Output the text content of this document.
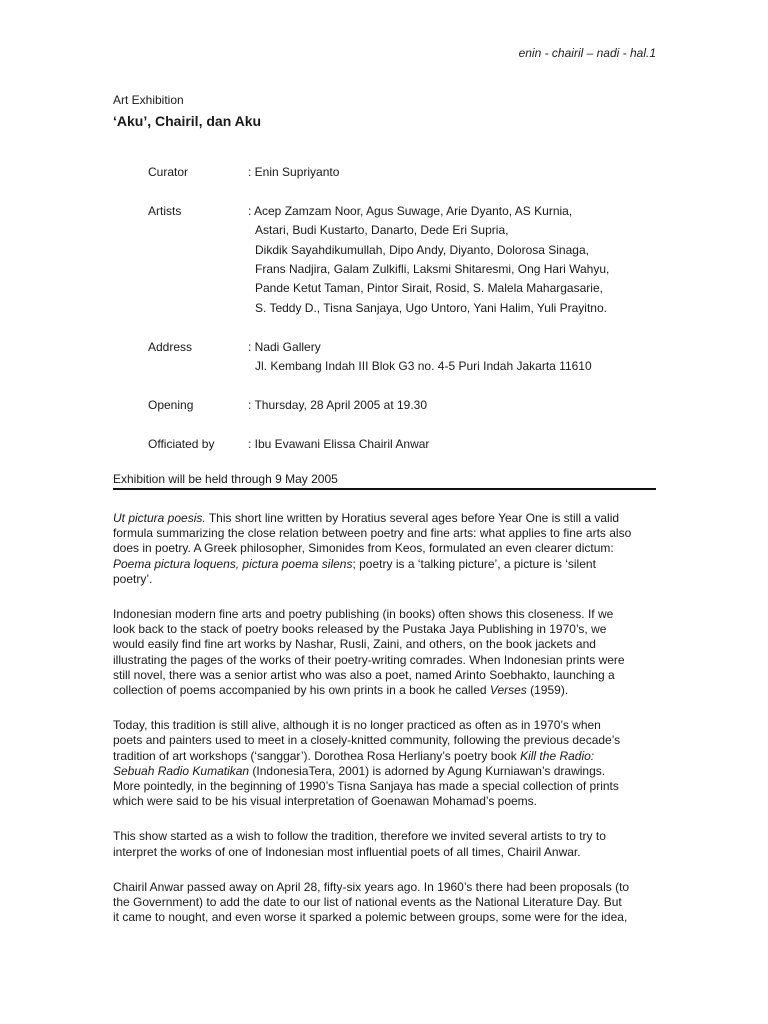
enin - chairil – nadi - hal.1
Art Exhibition
‘Aku’, Chairil, dan Aku
Curator	: Enin Supriyanto
Artists	: Acep Zamzam Noor, Agus Suwage, Arie Dyanto, AS Kurnia,
Astari, Budi Kustarto, Danarto, Dede Eri Supria,
Dikdik Sayahdikumullah, Dipo Andy, Diyanto, Dolorosa Sinaga,
Frans Nadjira, Galam Zulkifli, Laksmi Shitaresmi, Ong Hari Wahyu,
Pande Ketut Taman, Pintor Sirait, Rosid, S. Malela Mahargasarie,
S. Teddy D., Tisna Sanjaya, Ugo Untoro, Yani Halim, Yuli Prayitno.
Address	: Nadi Gallery
Jl. Kembang Indah III Blok G3 no. 4-5 Puri Indah Jakarta 11610
Opening	: Thursday, 28 April 2005 at 19.30
Officiated by	: Ibu Evawani Elissa Chairil Anwar
Exhibition will be held through 9 May 2005

Ut pictura poesis. This short line written by Horatius several ages before Year One is still a valid
formula summarizing the close relation between poetry and fine arts: what applies to fine arts also
does in poetry. A Greek philosopher, Simonides from Keos, formulated an even clearer dictum:
Poema pictura loquens, pictura poema silens; poetry is a ‘talking picture’, a picture is ‘silent
poetry’.

Indonesian modern fine arts and poetry publishing (in books) often shows this closeness. If we
look back to the stack of poetry books released by the Pustaka Jaya Publishing in 1970’s, we
would easily find fine art works by Nashar, Rusli, Zaini, and others, on the book jackets and
illustrating the pages of the works of their poetry-writing comrades. When Indonesian prints were
still novel, there was a senior artist who was also a poet, named Arinto Soebhakto, launching a
collection of poems accompanied by his own prints in a book he called Verses (1959).

Today, this tradition is still alive, although it is no longer practiced as often as in 1970’s when
poets and painters used to meet in a closely-knitted community, following the previous decade’s
tradition of art workshops (‘sanggar’). Dorothea Rosa Herliany’s poetry book Kill the Radio:
Sebuah Radio Kumatikan (IndonesiaTera, 2001) is adorned by Agung Kurniawan’s drawings.
More pointedly, in the beginning of 1990’s Tisna Sanjaya has made a special collection of prints
which were said to be his visual interpretation of Goenawan Mohamad’s poems.

This show started as a wish to follow the tradition, therefore we invited several artists to try to
interpret the works of one of Indonesian most influential poets of all times, Chairil Anwar.

Chairil Anwar passed away on April 28, fifty-six years ago. In 1960’s there had been proposals (to
the Government) to add the date to our list of national events as the National Literature Day. But
it came to nought, and even worse it sparked a polemic between groups, some were for the idea,
